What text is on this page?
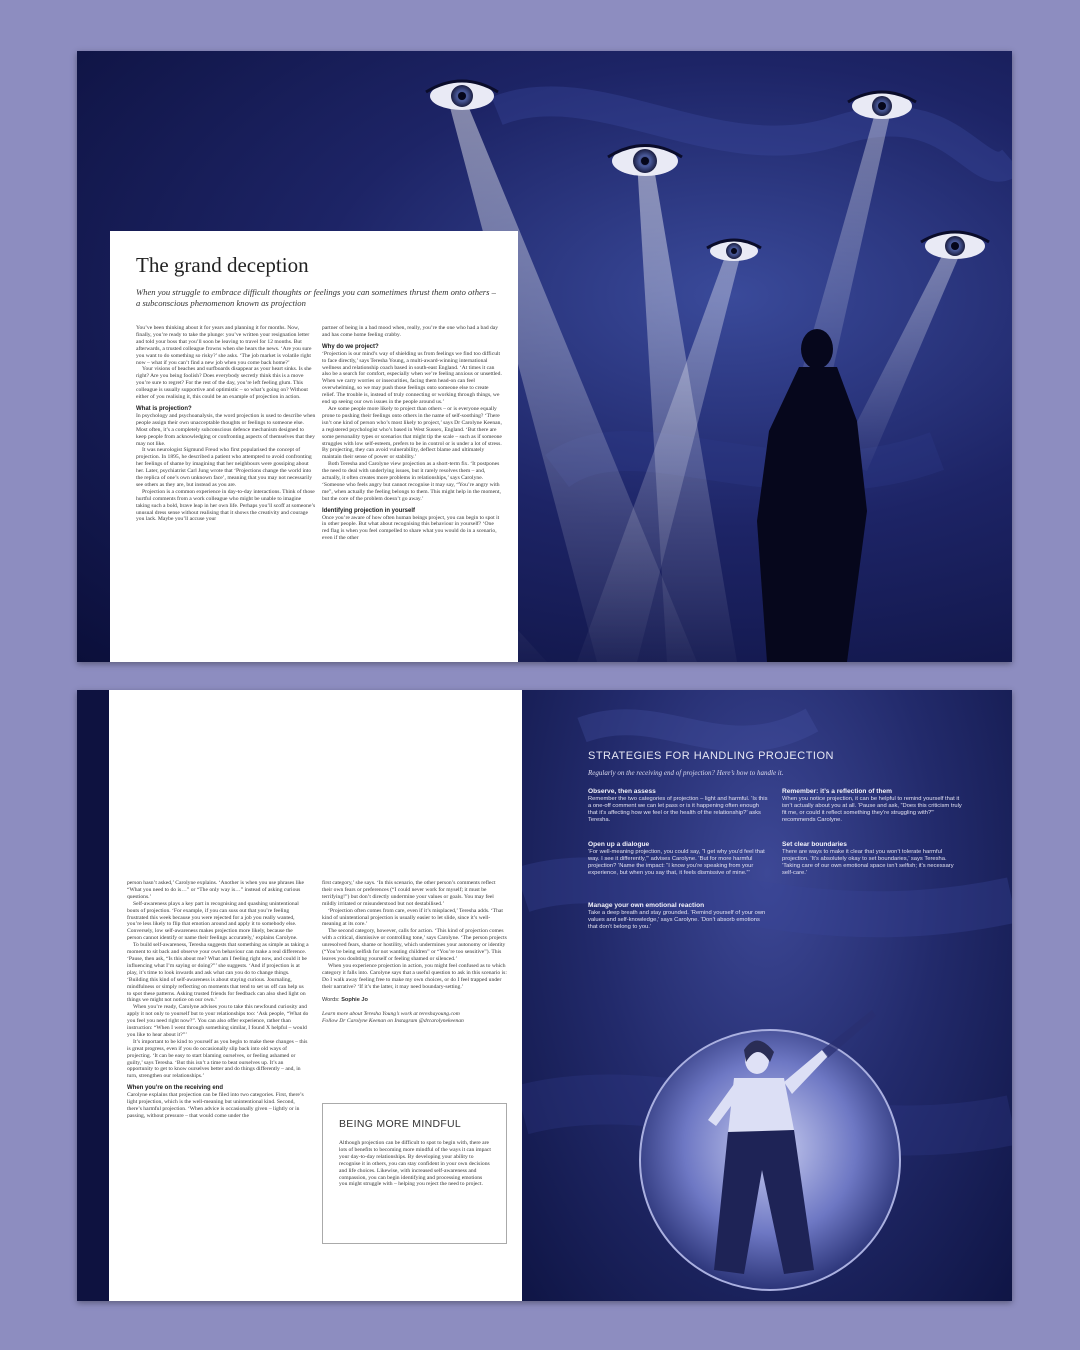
The grand deception

When you struggle to embrace difficult thoughts or feelings you can sometimes thrust them onto others – a subconscious phenomenon known as projection

You’ve been thinking about it for years and planning it for months. Now, finally, you’re ready to take the plunge: you’ve written your resignation letter and told your boss that you’ll soon be leaving to travel for 12 months. But afterwards, a trusted colleague frowns when she hears the news. ‘Are you sure you want to do something so risky?’ she asks. ‘The job market is volatile right now – what if you can’t find a new job when you come back home?’

Your visions of beaches and surfboards disappear as your heart sinks. Is she right? Are you being foolish? Does everybody secretly think this is a move you’re sure to regret? For the rest of the day, you’re left feeling glum. This colleague is usually supportive and optimistic – so what’s going on? Without either of you realising it, this could be an example of projection in action.

What is projection?

In psychology and psychoanalysis, the word projection is used to describe when people assign their own unacceptable thoughts or feelings to someone else. Most often, it’s a completely subconscious defence mechanism designed to keep people from acknowledging or confronting aspects of themselves that they may not like.

It was neurologist Sigmund Freud who first popularised the concept of projection. In 1895, he described a patient who attempted to avoid confronting her feelings of shame by imagining that her neighbours were gossiping about her. Later, psychiatrist Carl Jung wrote that ‘Projections change the world into the replica of one’s own unknown face’, meaning that you may not necessarily see others as they are, but instead as you are.

Projection is a common experience in day-to-day interactions. Think of those hurtful comments from a work colleague who might be unable to imagine taking such a bold, brave leap in her own life. Perhaps you’ll scoff at someone’s unusual dress sense without realising that it shows the creativity and courage you lack. Maybe you’ll accuse your

partner of being in a bad mood when, really, you’re the one who had a bad day and has come home feeling crabby.

Why do we project?

‘Projection is our mind’s way of shielding us from feelings we find too difficult to face directly,’ says Teresha Young, a multi-award-winning international wellness and relationship coach based in south-east England. ‘At times it can also be a search for comfort, especially when we’re feeling anxious or unsettled. When we carry worries or insecurities, facing them head-on can feel overwhelming, so we may push those feelings onto someone else to create relief. The trouble is, instead of truly connecting or working through things, we end up seeing our own issues in the people around us.’

Are some people more likely to project than others – or is everyone equally prone to pushing their feelings onto others in the name of self-soothing? ‘There isn’t one kind of person who’s most likely to project,’ says Dr Carolyne Keenan, a registered psychologist who’s based in West Sussex, England. ‘But there are some personality types or scenarios that might tip the scale – such as if someone struggles with low self-esteem, prefers to be in control or is under a lot of stress. By projecting, they can avoid vulnerability, deflect blame and ultimately maintain their sense of power or stability.’

Both Teresha and Carolyne view projection as a short-term fix. ‘It postpones the need to deal with underlying issues, but it rarely resolves them – and, actually, it often creates more problems in relationships,’ says Carolyne. ‘Someone who feels angry but cannot recognise it may say, “You’re angry with me”, when actually the feeling belongs to them. This might help in the moment, but the core of the problem doesn’t go away.’

Identifying projection in yourself

Once you’re aware of how often human beings project, you can begin to spot it in other people. But what about recognising this behaviour in yourself? ‘One red flag is when you feel compelled to share what you would do in a scenario, even if the other

person hasn’t asked,’ Carolyne explains. ‘Another is when you use phrases like “What you need to do is…” or “The only way is…” instead of asking curious questions.’

Self-awareness plays a key part in recognising and quashing unintentional bouts of projection. ‘For example, if you can suss out that you’re feeling frustrated this week because you were rejected for a job you really wanted, you’re less likely to flip that emotion around and apply it to somebody else. Conversely, low self-awareness makes projection more likely, because the person cannot identify or name their feelings accurately,’ explains Carolyne.

To build self-awareness, Teresha suggests that something as simple as taking a moment to sit back and observe your own behaviour can make a real difference. ‘Pause, then ask, “Is this about me? What am I feeling right now, and could it be influencing what I’m saying or doing?”’ she suggests. ‘And if projection is at play, it’s time to look inwards and ask what can you do to change things. ‘Building this kind of self-awareness is about staying curious. Journaling, mindfulness or simply reflecting on moments that tend to set us off can help us to spot these patterns. Asking trusted friends for feedback can also shed light on things we might not notice on our own.’

When you’re ready, Carolyne advises you to take this newfound curiosity and apply it not only to yourself but to your relationships too: ‘Ask people, “What do you feel you need right now?”. You can also offer experience, rather than instruction: “When I went through something similar, I found X helpful – would you like to hear about it?”’

It’s important to be kind to yourself as you begin to make these changes – this is great progress, even if you do occasionally slip back into old ways of projecting. ‘It can be easy to start blaming ourselves, or feeling ashamed or guilty,’ says Teresha. ‘But this isn’t a time to beat ourselves up. It’s an opportunity to get to know ourselves better and do things differently – and, in turn, strengthen our relationships.’

When you’re on the receiving end

Carolyne explains that projection can be filed into two categories. First, there’s light projection, which is the well-meaning but unintentional kind. Second, there’s harmful projection. ‘When advice is occasionally given – lightly or in passing, without pressure – that would come under the

first category,’ she says. ‘In this scenario, the other person’s comments reflect their own fears or preferences (“I could never work for myself; it must be terrifying!”) but don’t directly undermine your values or goals. You may feel mildly irritated or misunderstood but not destabilised.’

‘Projection often comes from care, even if it’s misplaced,’ Teresha adds. ‘That kind of unintentional projection is usually easier to let slide, since it’s well-meaning at its core.’

The second category, however, calls for action. ‘This kind of projection comes with a critical, dismissive or controlling tone,’ says Carolyne. ‘The person projects unresolved fears, shame or hostility, which undermines your autonomy or identity (“You’re being selfish for not wanting children” or “You’re too sensitive”). This leaves you doubting yourself or feeling shamed or silenced.’

When you experience projection in action, you might feel confused as to which category it falls into. Carolyne says that a useful question to ask in this scenario is: Do I walk away feeling free to make my own choices, or do I feel trapped under their narrative? ‘If it’s the latter, it may need boundary-setting.’

Words: Sophie Jo

Learn more about Teresha Young’s work at tereshayoung.com

Follow Dr Carolyne Keenan on Instagram @drcarolynekeenan

BEING MORE MINDFUL
Although projection can be difficult to spot to begin with, there are lots of benefits to becoming more mindful of the ways it can impact your day-to-day relationships. By developing your ability to recognise it in others, you can stay confident in your own decisions and life choices. Likewise, with increased self-awareness and compassion, you can begin identifying and processing emotions you might struggle with – helping you reject the need to project.
STRATEGIES FOR HANDLING PROJECTION
Regularly on the receiving end of projection? Here’s how to handle it.

Observe, then assess

Remember the two categories of projection – light and harmful. ‘Is this a one-off comment we can let pass or is it happening often enough that it’s affecting how we feel or the health of the relationship?’ asks Teresha.

Open up a dialogue

‘For well-meaning projection, you could say, “I get why you’d feel that way. I see it differently,”’ advises Carolyne. ‘But for more harmful projection? ‘Name the impact: “I know you’re speaking from your experience, but when you say that, it feels dismissive of mine.”’

Manage your own emotional reaction

Take a deep breath and stay grounded. ‘Remind yourself of your own values and self-knowledge,’ says Carolyne. ‘Don’t absorb emotions that don’t belong to you.’

Remember: it’s a reflection of them

When you notice projection, it can be helpful to remind yourself that it isn’t actually about you at all. ‘Pause and ask, “Does this criticism truly fit me, or could it reflect something they’re struggling with?”’ recommends Carolyne.

Set clear boundaries

There are ways to make it clear that you won’t tolerate harmful projection. ‘It’s absolutely okay to set boundaries,’ says Teresha. ‘Taking care of our own emotional space isn’t selfish; it’s necessary self-care.’
